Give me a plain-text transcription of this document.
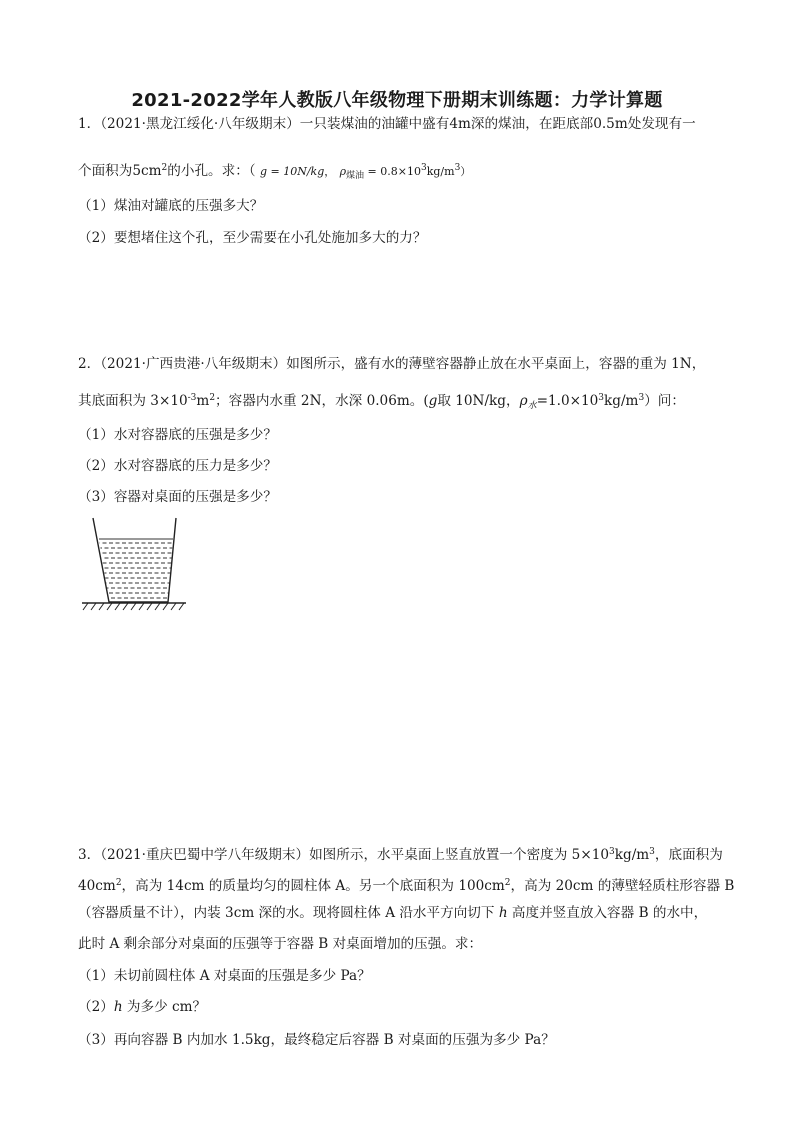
2021-2022学年人教版八年级物理下册期末训练题：力学计算题
1．（2021·黑龙江绥化·八年级期末）一只装煤油的油罐中盛有4m深的煤油，在距底部0.5m处发现有一
个面积为$5cm^2$的小孔。求：（ g = 10N/kg， $\rho_{煤油} = 0.8\times 10^3kg/m^3$）
（1）煤油对罐底的压强多大？
（2）要想堵住这个孔，至少需要在小孔处施加多大的力？
2．（2021·广西贵港·八年级期末）如图所示，盛有水的薄壁容器静止放在水平桌面上，容器的重为 1N，
其底面积为 $3\times 10^{-3}m^2$；容器内水重 2N，水深 0.06m。(g取 10N/kg，$\rho_水=1.0\times 10^3kg/m^3$）问：
（1）水对容器底的压强是多少？
（2）水对容器底的压力是多少？
（3）容器对桌面的压强是多少？
3．（2021·重庆巴蜀中学八年级期末）如图所示，水平桌面上竖直放置一个密度为 $5\times 10^3kg/m^3$，底面积为
$40cm^2$，高为 14cm 的质量均匀的圆柱体 A。另一个底面积为 $100cm^2$，高为 20cm 的薄壁轻质柱形容器 B
（容器质量不计），内装 3cm 深的水。现将圆柱体 A 沿水平方向切下 h 高度并竖直放入容器 B 的水中，
此时 A 剩余部分对桌面的压强等于容器 B 对桌面增加的压强。求：
（1）未切前圆柱体 A 对桌面的压强是多少 Pa？
（2）h 为多少 cm？
（3）再向容器 B 内加水 1.5kg，最终稳定后容器 B 对桌面的压强为多少 Pa？
